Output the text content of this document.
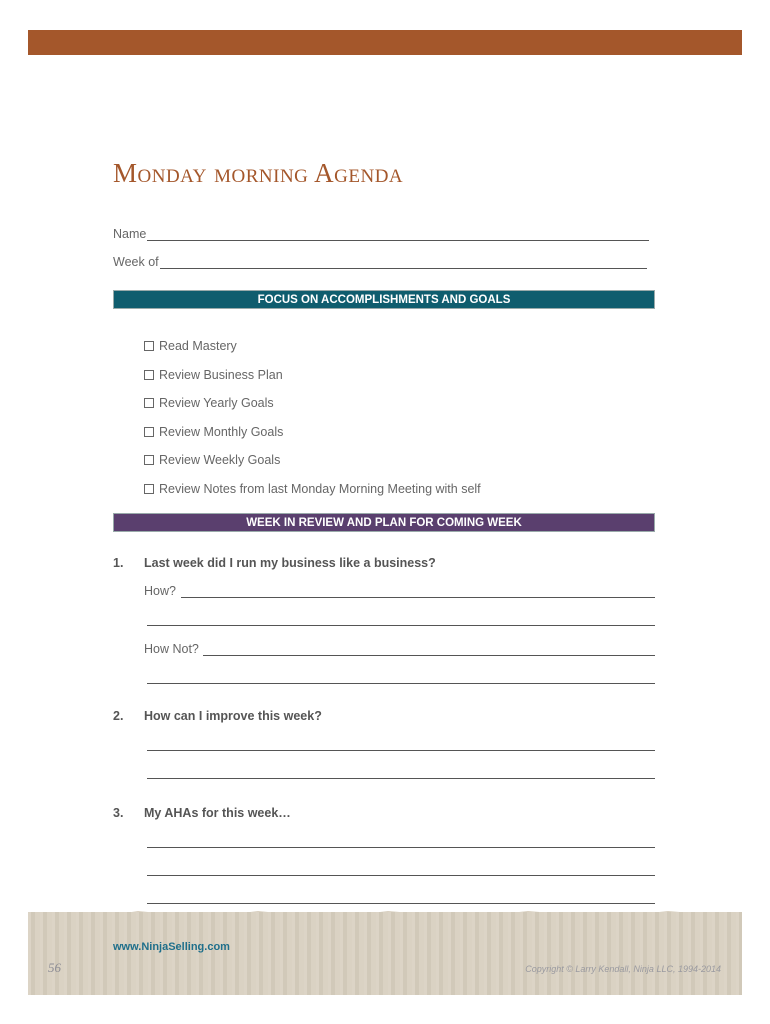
Monday morning Agenda
Name
Week of
FOCUS ON ACCOMPLISHMENTS AND GOALS
Read Mastery
Review Business Plan
Review Yearly Goals
Review Monthly Goals
Review Weekly Goals
Review Notes from last Monday Morning Meeting with self
WEEK IN REVIEW AND PLAN FOR COMING WEEK
1. Last week did I run my business like a business?
How?
How Not?
2. How can I improve this week?
3. My AHAs for this week…
www.NinjaSelling.com
56	Copyright © Larry Kendall, Ninja LLC, 1994-2014
